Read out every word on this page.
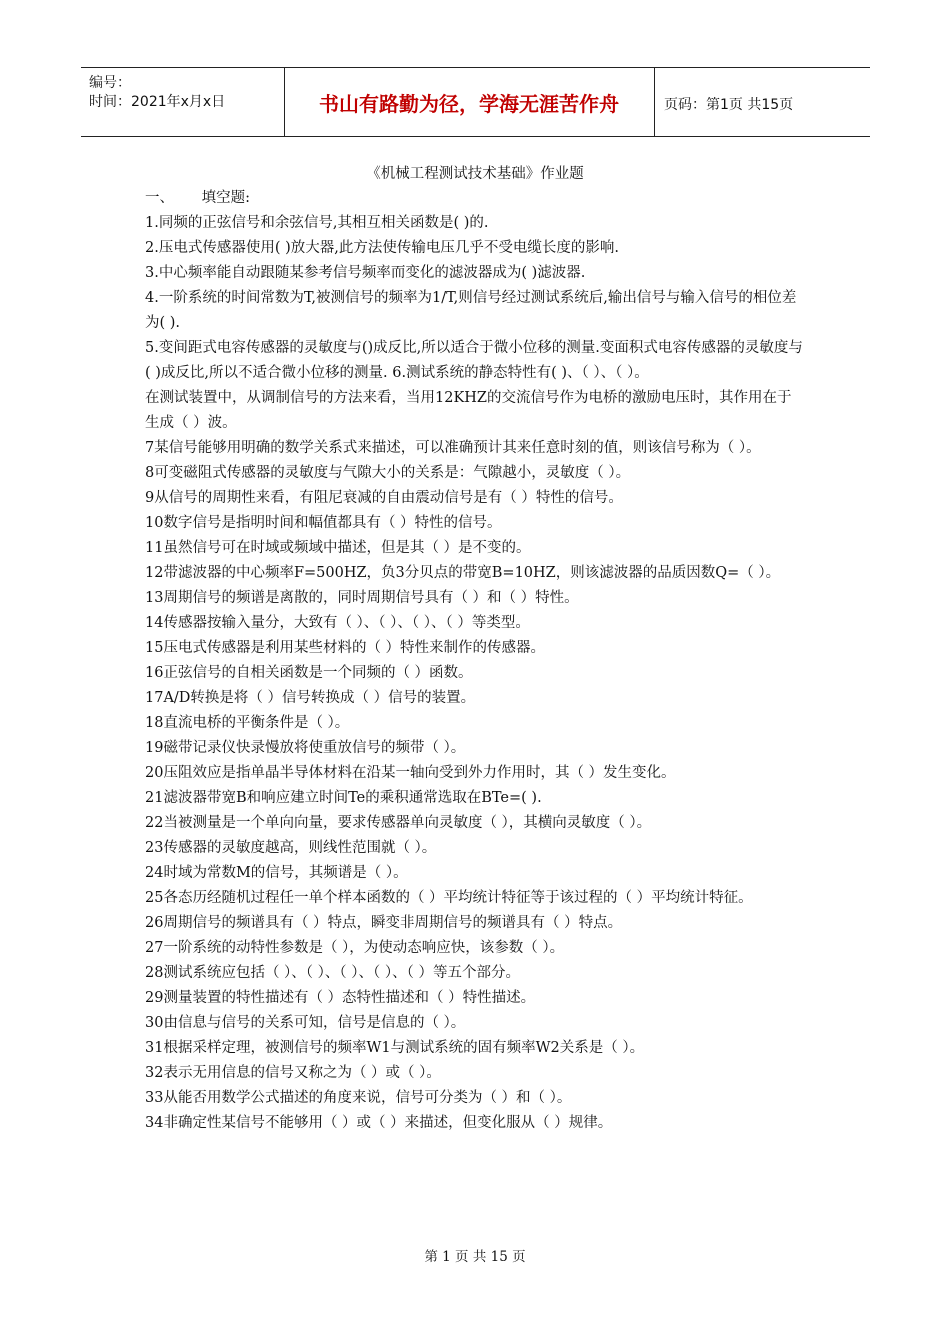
编号：
时间：2021年x月x日	书山有路勤为径，学海无涯苦作舟	页码：第1页 共15页
《机械工程测试技术基础》作业题

一、      填空题:

1.同频的正弦信号和余弦信号,其相互相关函数是( )的.

2.压电式传感器使用( )放大器,此方法使传输电压几乎不受电缆长度的影响.

3.中心频率能自动跟随某参考信号频率而变化的滤波器成为( )滤波器.

4.一阶系统的时间常数为T,被测信号的频率为1/T,则信号经过测试系统后,输出信号与输入信号的相位差为( ).

5.变间距式电容传感器的灵敏度与()成反比,所以适合于微小位移的测量.变面积式电容传感器的灵敏度与( )成反比,所以不适合微小位移的测量. 6.测试系统的静态特性有( )、（ ）、（ ）。

在测试装置中，从调制信号的方法来看，当用12KHZ的交流信号作为电桥的激励电压时，其作用在于生成（ ）波。

7某信号能够用明确的数学关系式来描述，可以准确预计其来任意时刻的值，则该信号称为（ ）。

8可变磁阻式传感器的灵敏度与气隙大小的关系是：气隙越小，灵敏度（ ）。

9从信号的周期性来看，有阻尼衰减的自由震动信号是有（ ）特性的信号。

10数字信号是指明时间和幅值都具有（ ）特性的信号。

11虽然信号可在时域或频域中描述，但是其（ ）是不变的。

12带滤波器的中心频率F=500HZ，负3分贝点的带宽B=10HZ，则该滤波器的品质因数Q=（ ）。

13周期信号的频谱是离散的，同时周期信号具有（ ）和（ ）特性。

14传感器按输入量分，大致有（ ）、（ ）、（ ）、（ ）等类型。

15压电式传感器是利用某些材料的（ ）特性来制作的传感器。

16正弦信号的自相关函数是一个同频的（ ）函数。

17A/D转换是将（ ）信号转换成（ ）信号的装置。

18直流电桥的平衡条件是（ ）。

19磁带记录仪快录慢放将使重放信号的频带（ ）。

20压阻效应是指单晶半导体材料在沿某一轴向受到外力作用时，其（ ）发生变化。

21滤波器带宽B和响应建立时间Te的乘积通常选取在BTe=( ).

22当被测量是一个单向向量，要求传感器单向灵敏度（ ），其横向灵敏度（ ）。

23传感器的灵敏度越高，则线性范围就（ ）。

24时域为常数M的信号，其频谱是（ ）。

25各态历经随机过程任一单个样本函数的（ ）平均统计特征等于该过程的（ ）平均统计特征。

26周期信号的频谱具有（ ）特点，瞬变非周期信号的频谱具有（ ）特点。

27一阶系统的动特性参数是（ ），为使动态响应快，该参数（ ）。

28测试系统应包括（ ）、（ ）、（ ）、（ ）、（ ）等五个部分。

29测量装置的特性描述有（ ）态特性描述和（ ）特性描述。

30由信息与信号的关系可知，信号是信息的（ ）。

31根据采样定理，被测信号的频率W1与测试系统的固有频率W2关系是（ ）。

32表示无用信息的信号又称之为（ ）或（ ）。

33从能否用数学公式描述的角度来说，信号可分类为（ ）和（ ）。

34非确定性某信号不能够用（ ）或（ ）来描述，但变化服从（ ）规律。

第 1 页 共 15 页
